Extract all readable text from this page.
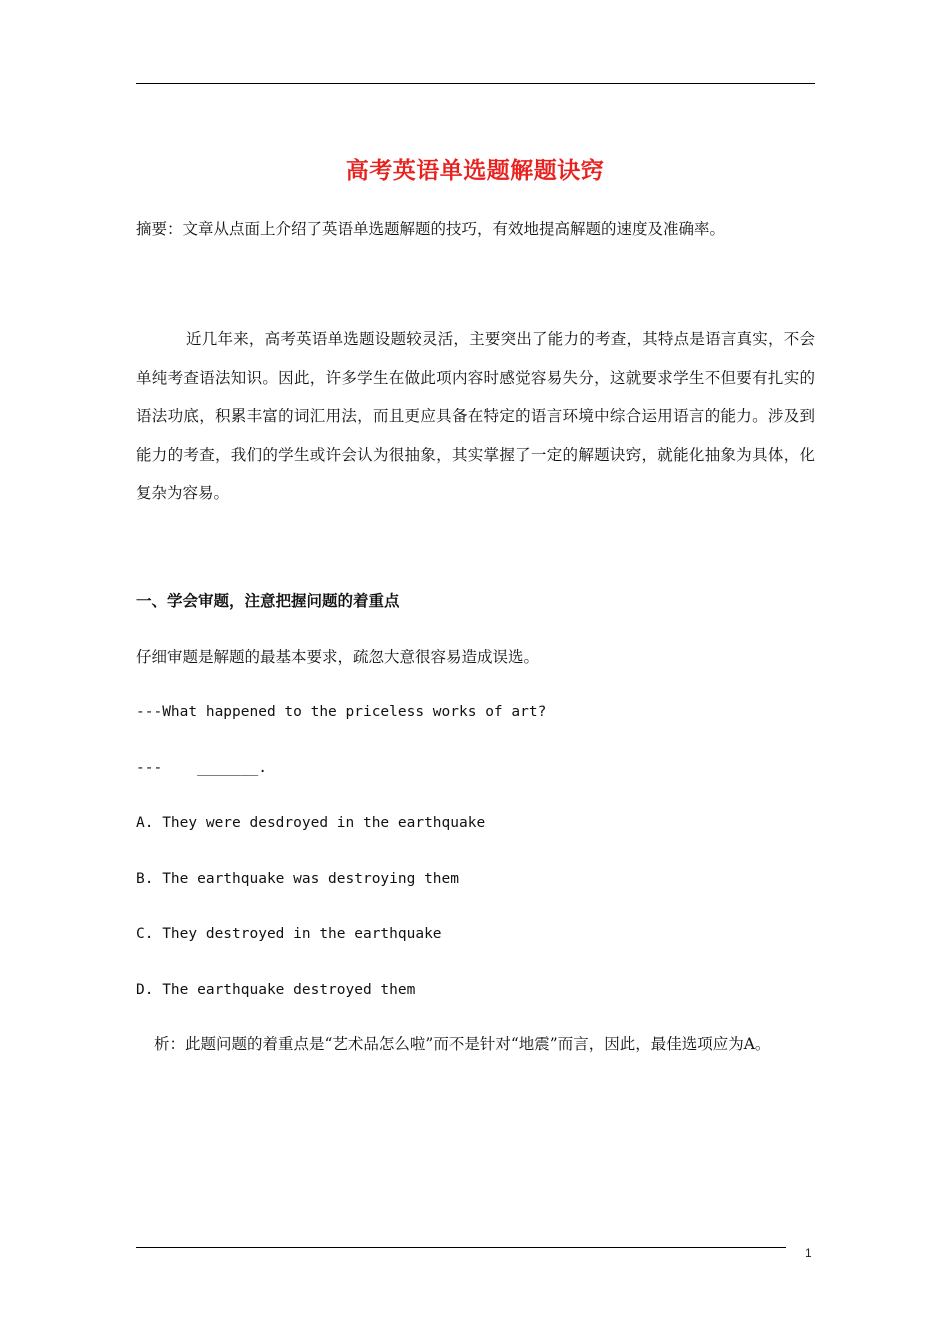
高考英语单选题解题诀窍
摘要：文章从点面上介绍了英语单选题解题的技巧，有效地提高解题的速度及准确率。
近几年来，高考英语单选题设题较灵活，主要突出了能力的考查，其特点是语言真实，不会单纯考查语法知识。因此，许多学生在做此项内容时感觉容易失分，这就要求学生不但要有扎实的语法功底，积累丰富的词汇用法，而且更应具备在特定的语言环境中综合运用语言的能力。涉及到能力的考查，我们的学生或许会认为很抽象，其实掌握了一定的解题诀窍，就能化抽象为具体，化复杂为容易。
一、学会审题，注意把握问题的着重点
仔细审题是解题的最基本要求，疏忽大意很容易造成误选。
---What happened to the priceless works of art?
---    _______.
A. They were desdroyed in the earthquake
B. The earthquake was destroying them
C. They destroyed in the earthquake
D. The earthquake destroyed them
析：此题问题的着重点是“艺术品怎么啦”而不是针对“地震”而言，因此，最佳选项应为A。
1
